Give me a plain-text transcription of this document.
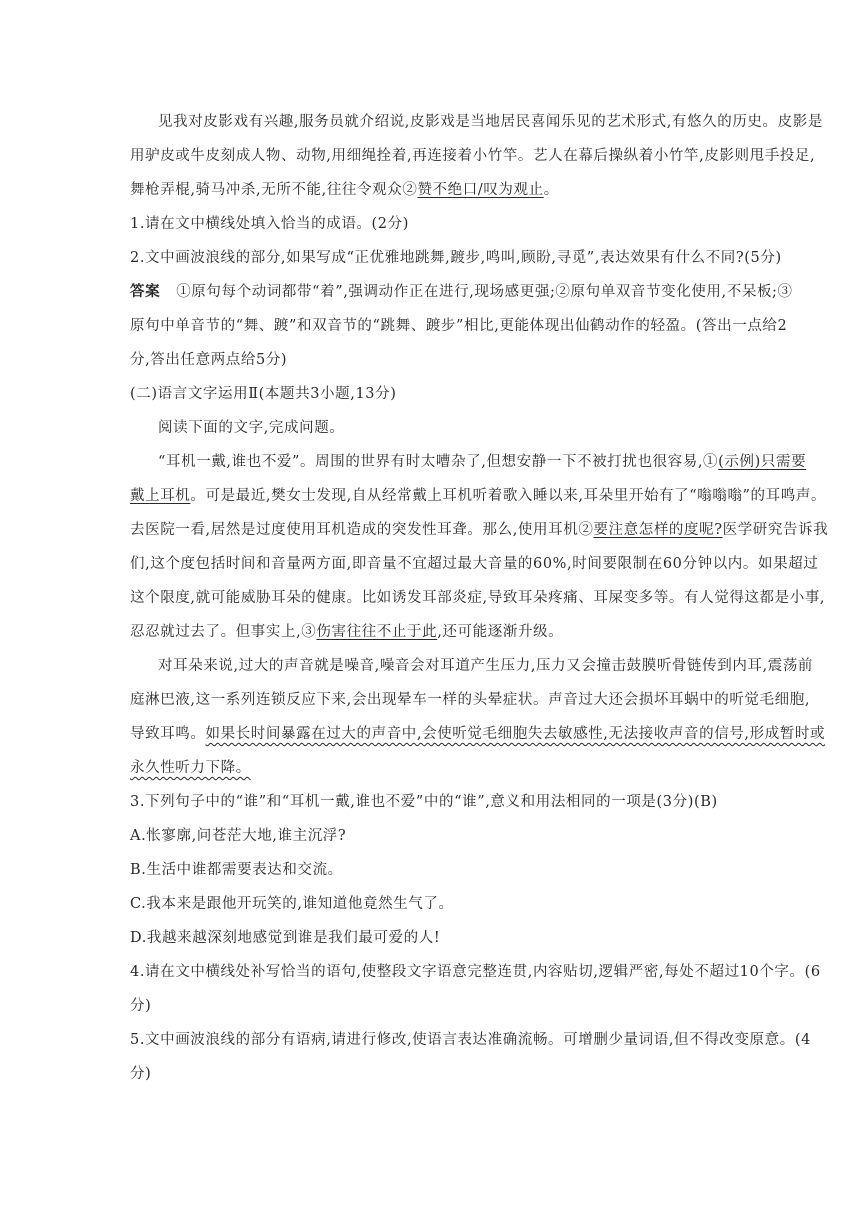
见我对皮影戏有兴趣,服务员就介绍说,皮影戏是当地居民喜闻乐见的艺术形式,有悠久的历史。皮影是
用驴皮或牛皮刻成人物、动物,用细绳拴着,再连接着小竹竿。艺人在幕后操纵着小竹竿,皮影则甩手投足,
舞枪弄棍,骑马冲杀,无所不能,往往令观众②赞不绝口/叹为观止。
1.请在文中横线处填入恰当的成语。(2分)
2.文中画波浪线的部分,如果写成“正优雅地跳舞,踱步,鸣叫,顾盼,寻觅”,表达效果有什么不同?(5分)
答案 ①原句每个动词都带“着”,强调动作正在进行,现场感更强;②原句单双音节变化使用,不呆板;③
原句中单音节的“舞、踱”和双音节的“跳舞、踱步”相比,更能体现出仙鹤动作的轻盈。(答出一点给2
分,答出任意两点给5分)
(二)语言文字运用Ⅱ(本题共3小题,13分)
阅读下面的文字,完成问题。
“耳机一戴,谁也不爱”。周围的世界有时太嘈杂了,但想安静一下不被打扰也很容易,①(示例)只需要
戴上耳机。可是最近,樊女士发现,自从经常戴上耳机听着歌入睡以来,耳朵里开始有了“嗡嗡嗡”的耳鸣声。
去医院一看,居然是过度使用耳机造成的突发性耳聋。那么,使用耳机②要注意怎样的度呢?医学研究告诉我
们,这个度包括时间和音量两方面,即音量不宜超过最大音量的60%,时间要限制在60分钟以内。如果超过
这个限度,就可能威胁耳朵的健康。比如诱发耳部炎症,导致耳朵疼痛、耳屎变多等。有人觉得这都是小事,
忍忍就过去了。但事实上,③伤害往往不止于此,还可能逐渐升级。
对耳朵来说,过大的声音就是噪音,噪音会对耳道产生压力,压力又会撞击鼓膜听骨链传到内耳,震荡前
庭淋巴液,这一系列连锁反应下来,会出现晕车一样的头晕症状。声音过大还会损坏耳蜗中的听觉毛细胞,
导致耳鸣。如果长时间暴露在过大的声音中,会使听觉毛细胞失去敏感性,无法接收声音的信号,形成暂时或
永久性听力下降。
3.下列句子中的“谁”和“耳机一戴,谁也不爱”中的“谁”,意义和用法相同的一项是(3分)(B)
A.怅寥廓,问苍茫大地,谁主沉浮?
B.生活中谁都需要表达和交流。
C.我本来是跟他开玩笑的,谁知道他竟然生气了。
D.我越来越深刻地感觉到谁是我们最可爱的人!
4.请在文中横线处补写恰当的语句,使整段文字语意完整连贯,内容贴切,逻辑严密,每处不超过10个字。(6
分)
5.文中画波浪线的部分有语病,请进行修改,使语言表达准确流畅。可增删少量词语,但不得改变原意。(4
分)
